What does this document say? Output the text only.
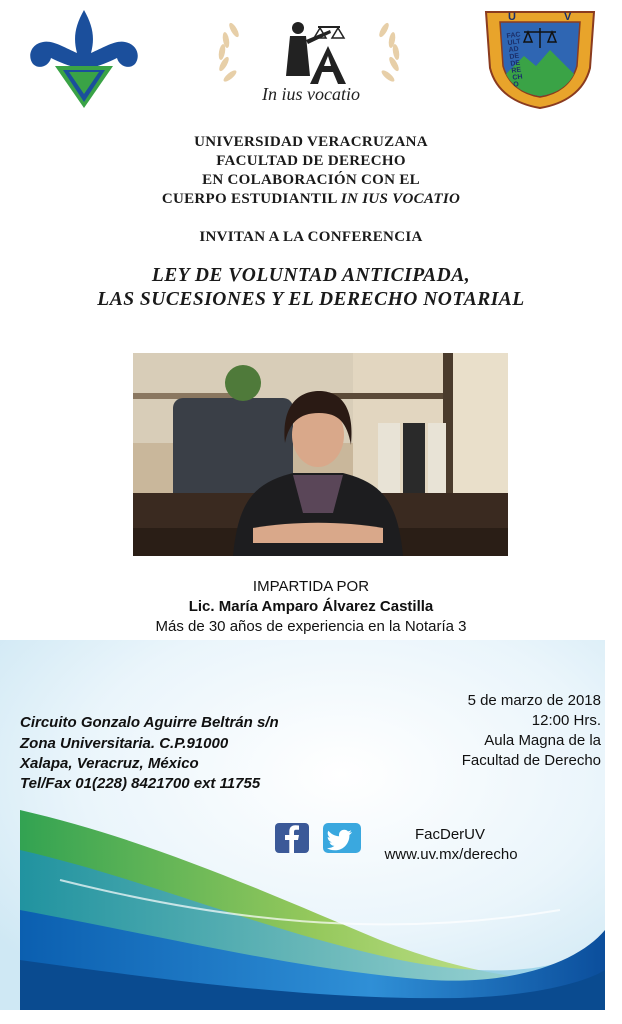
In ius vocatio
U	V
FACULTAD DE DERECHO
UNIVERSIDAD VERACRUZANA
FACULTAD DE DERECHO
EN COLABORACIÓN CON EL
CUERPO ESTUDIANTIL IN IUS VOCATIO
INVITAN A LA CONFERENCIA
LEY DE VOLUNTAD ANTICIPADA,
LAS SUCESIONES Y EL DERECHO NOTARIAL
IMPARTIDA POR
Lic. María Amparo Álvarez Castilla
Más de 30 años de experiencia en la Notaría 3
5 de marzo de 2018
12:00 Hrs.
Aula Magna de la
Facultad de Derecho
Circuito Gonzalo Aguirre Beltrán s/n
Zona Universitaria. C.P.91000
Xalapa, Veracruz, México
Tel/Fax 01(228) 8421700 ext 11755
FacDerUV
www.uv.mx/derecho
